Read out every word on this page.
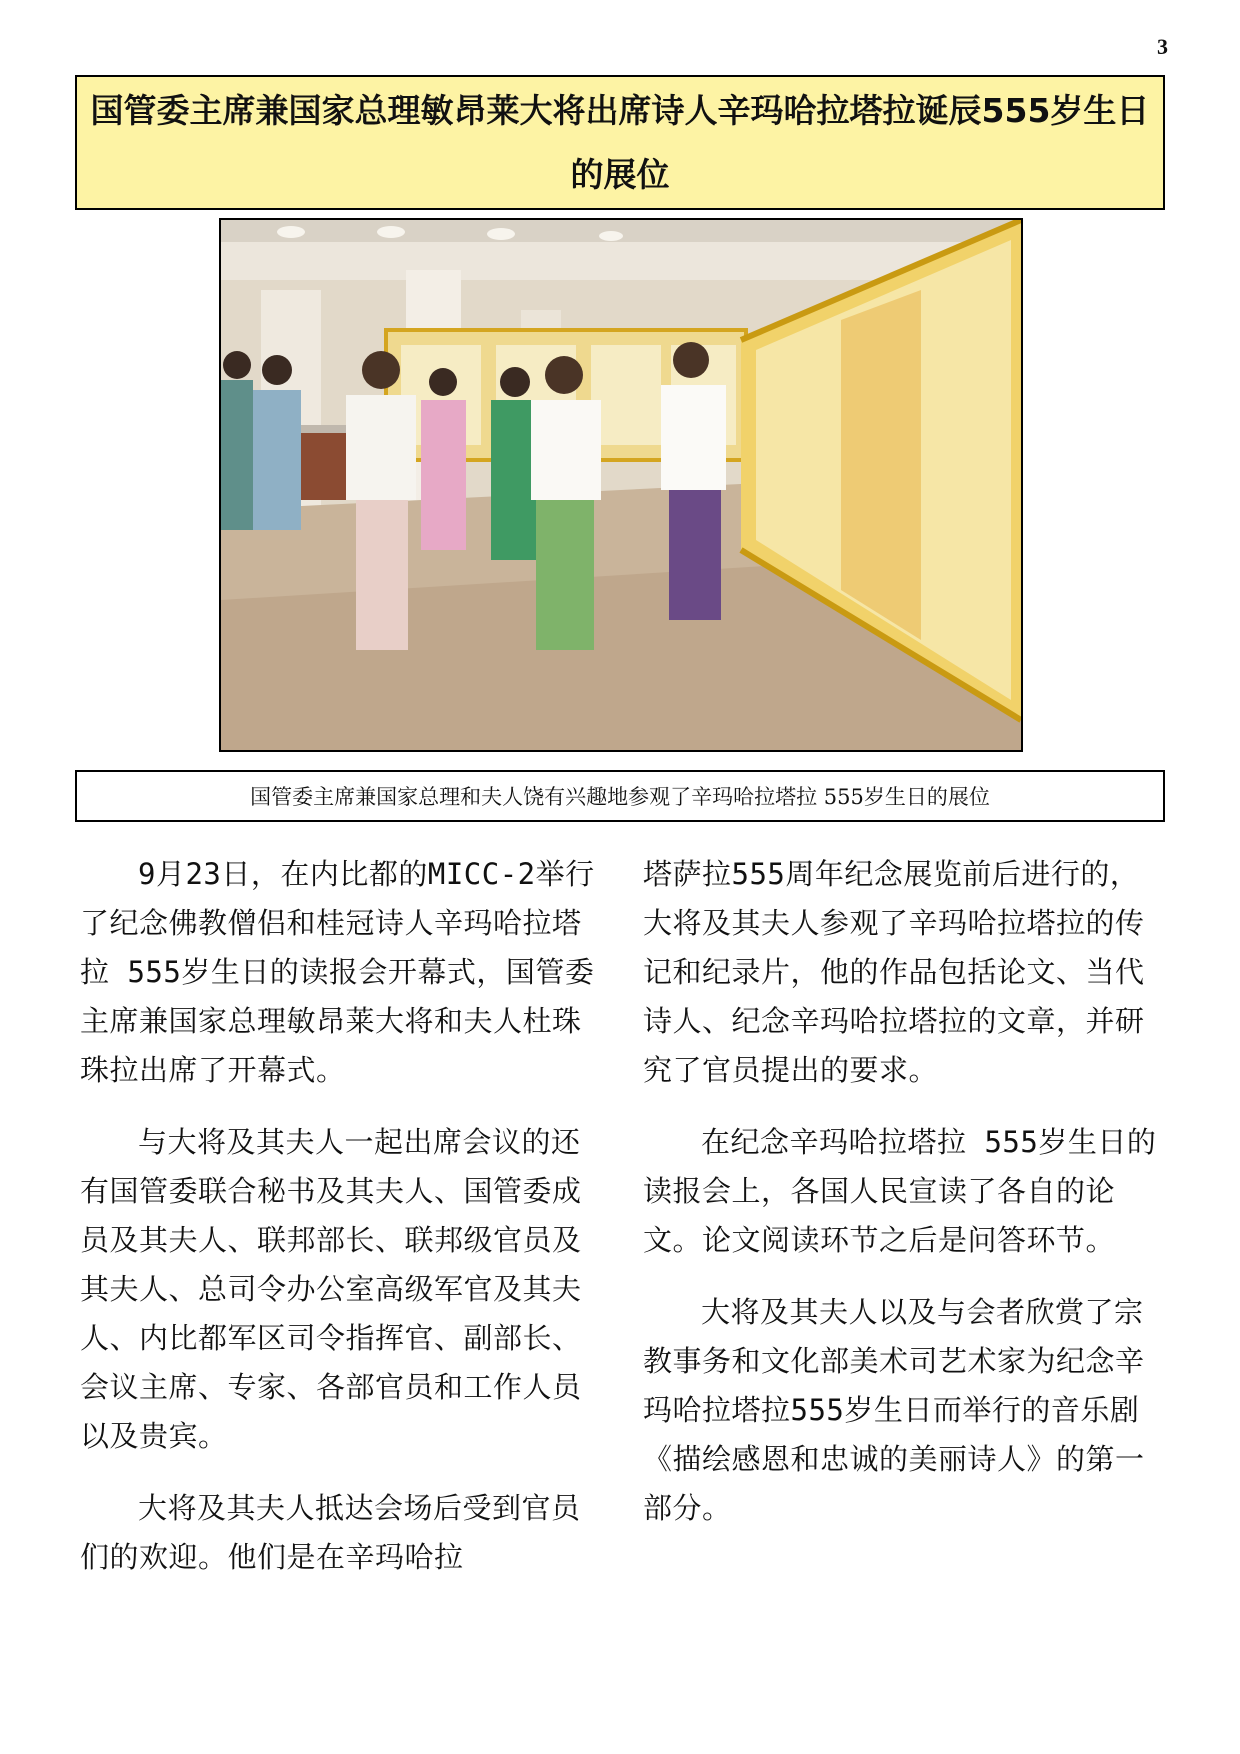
3
国管委主席兼国家总理敏昂莱大将出席诗人辛玛哈拉塔拉诞辰555岁生日的展位
国管委主席兼国家总理和夫人饶有兴趣地参观了辛玛哈拉塔拉 555岁生日的展位

9月23日，在内比都的MICC-2举行了纪念佛教僧侣和桂冠诗人辛玛哈拉塔拉 555岁生日的读报会开幕式，国管委主席兼国家总理敏昂莱大将和夫人杜珠珠拉出席了开幕式。

与大将及其夫人一起出席会议的还有国管委联合秘书及其夫人、国管委成员及其夫人、联邦部长、联邦级官员及其夫人、总司令办公室高级军官及其夫人、内比都军区司令指挥官、副部长、会议主席、专家、各部官员和工作人员以及贵宾。

大将及其夫人抵达会场后受到官员们的欢迎。他们是在辛玛哈拉

塔萨拉555周年纪念展览前后进行的，大将及其夫人参观了辛玛哈拉塔拉的传记和纪录片，他的作品包括论文、当代诗人、纪念辛玛哈拉塔拉的文章，并研究了官员提出的要求。

在纪念辛玛哈拉塔拉 555岁生日的读报会上，各国人民宣读了各自的论文。论文阅读环节之后是问答环节。

大将及其夫人以及与会者欣赏了宗教事务和文化部美术司艺术家为纪念辛玛哈拉塔拉555岁生日而举行的音乐剧《描绘感恩和忠诚的美丽诗人》的第一部分。
